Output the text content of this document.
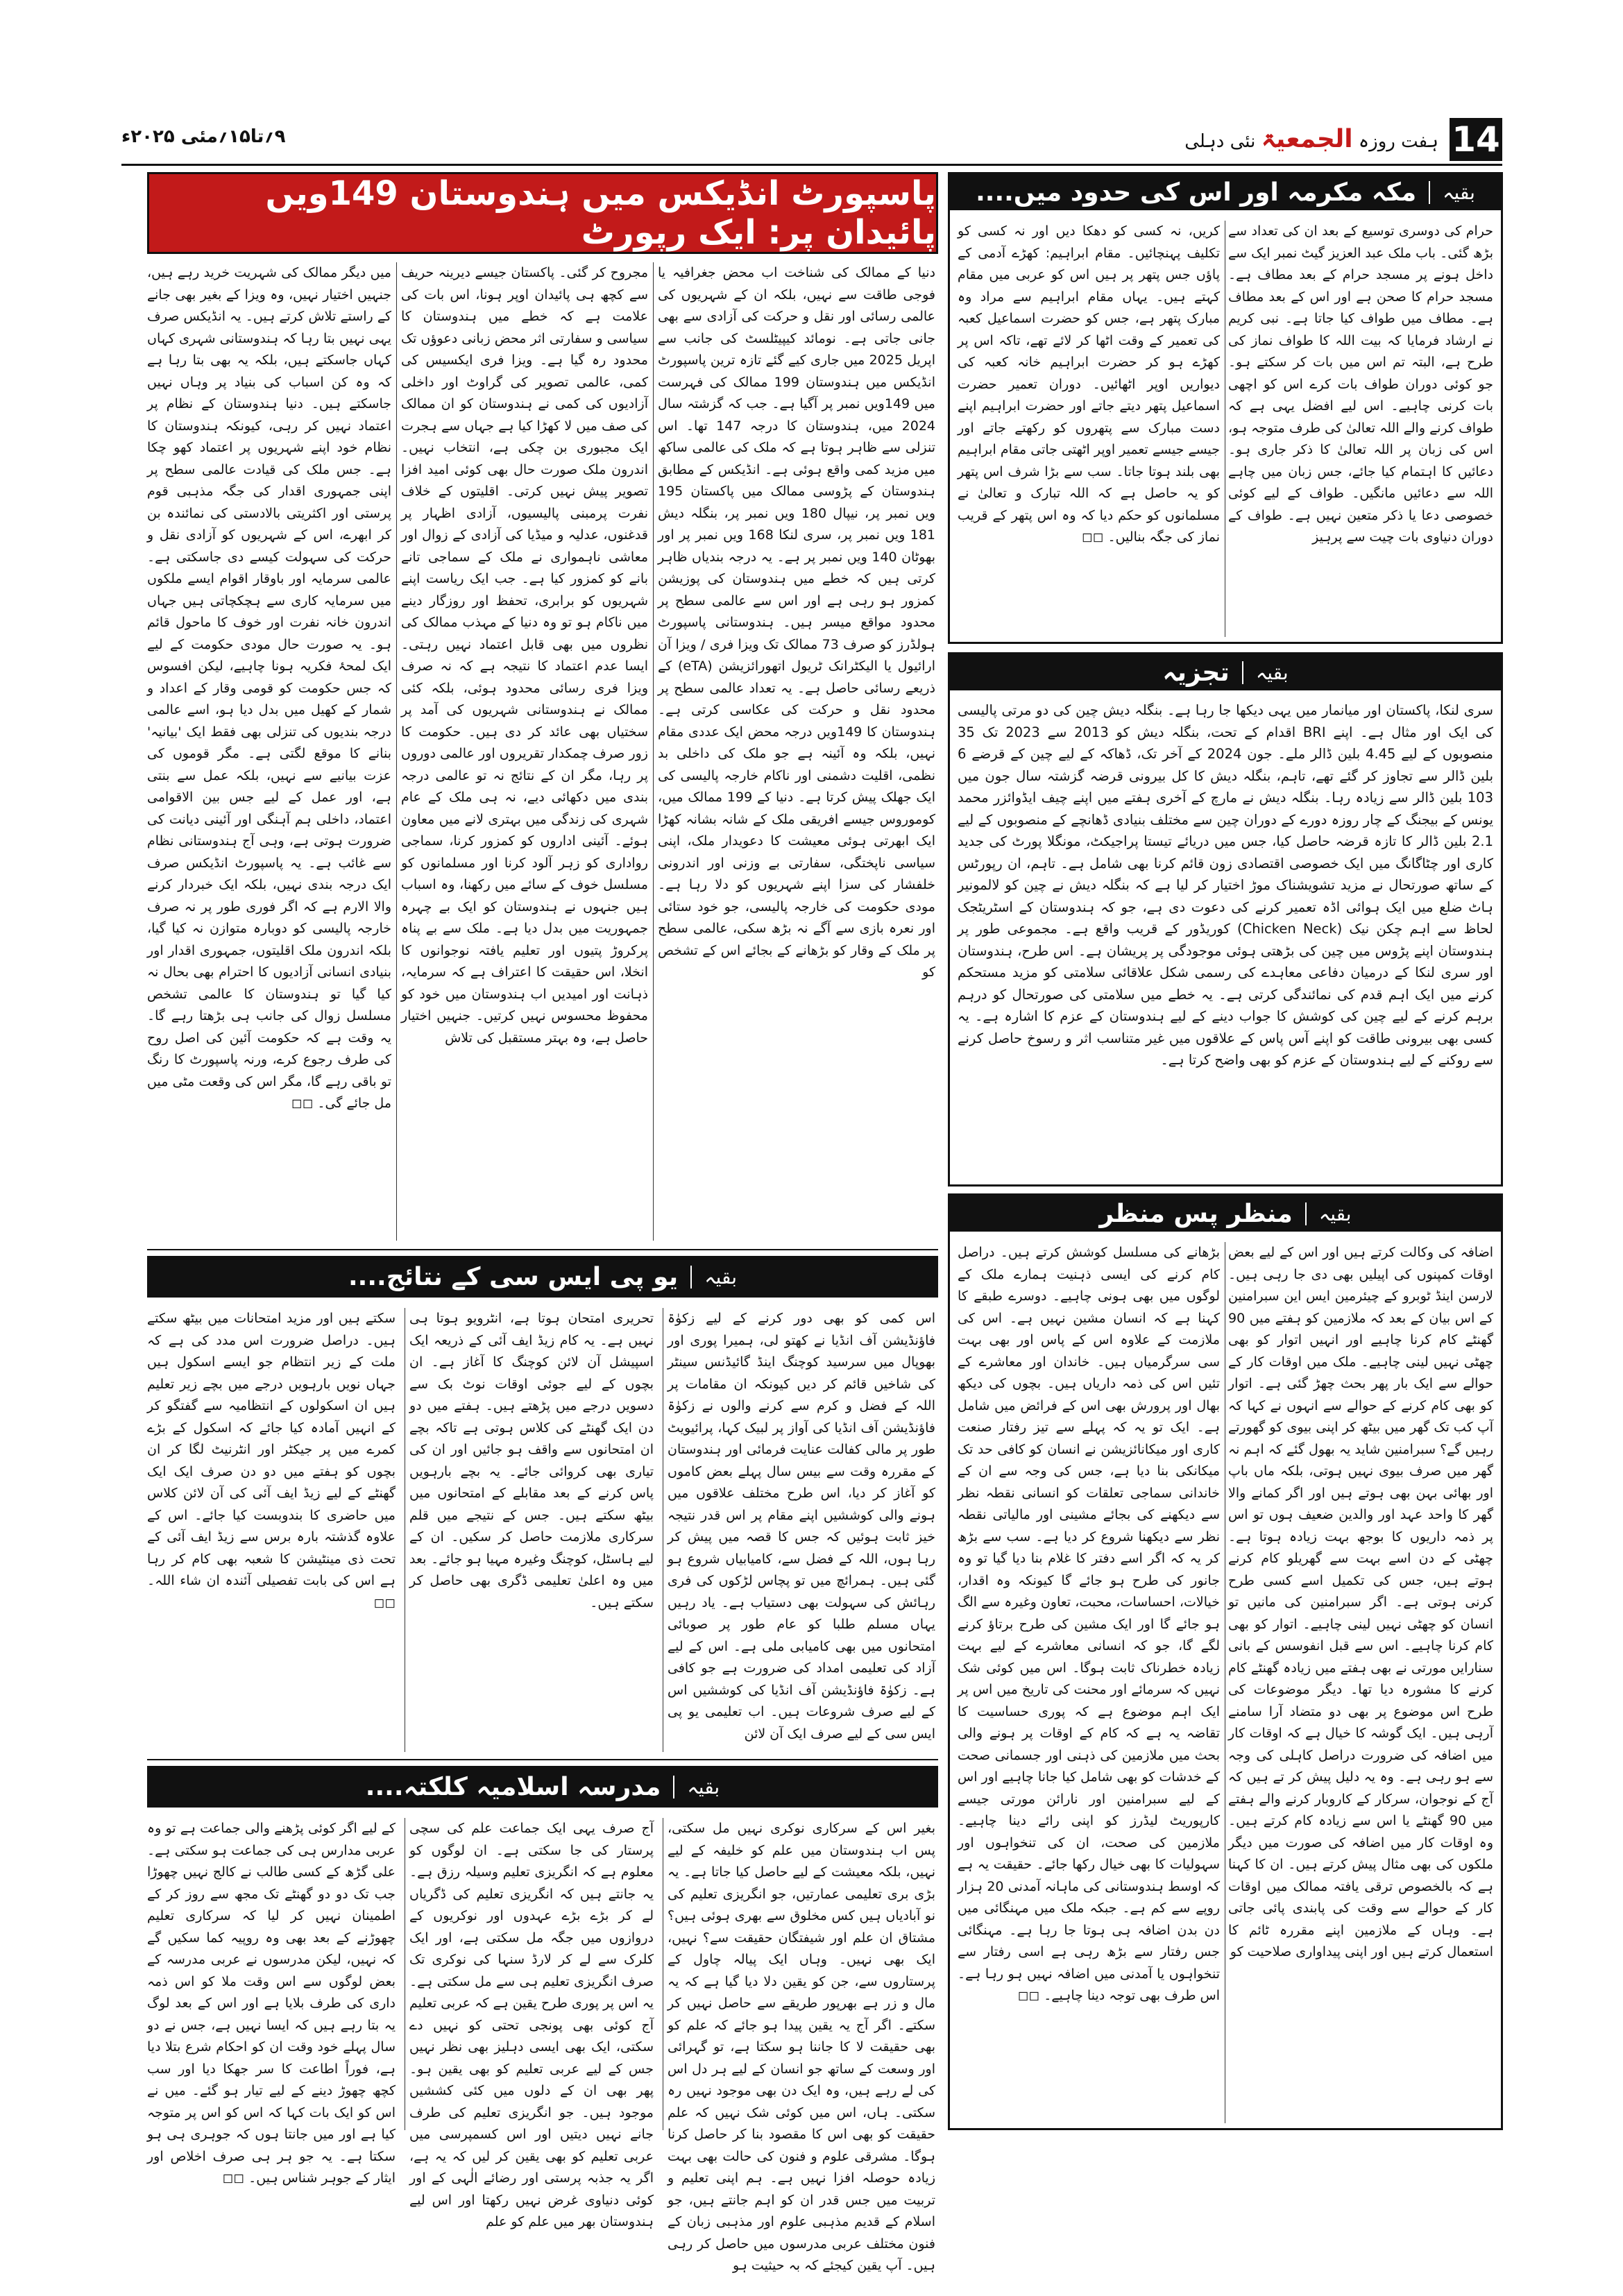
14
ہفت روزہ الجمعیۃ نئی دہلی
۹؍تا۱۵؍مئی ۲۰۲۵ء
بقیہ
مکہ مکرمہ اور اس کی حدود میں....
حرام کی دوسری توسیع کے بعد ان کی تعداد سے بڑھ گئی۔ باب ملک عبد العزیز گیٹ نمبر ایک سے داخل ہونے پر مسجد حرام کے بعد مطاف ہے۔ مسجد حرام کا صحن ہے اور اس کے بعد مطاف ہے۔ مطاف میں طواف کیا جاتا ہے۔ نبی کریم نے ارشاد فرمایا کہ بیت اللہ کا طواف نماز کی طرح ہے، البتہ تم اس میں بات کر سکتے ہو۔ جو کوئی دوران طواف بات کرے اس کو اچھی بات کرنی چاہیے۔ اس لیے افضل یہی ہے کہ طواف کرنے والے اللہ تعالیٰ کی طرف متوجہ ہو، اس کی زبان پر اللہ تعالیٰ کا ذکر جاری ہو۔ دعائیں کا اہتمام کیا جائے، جس زبان میں چاہے اللہ سے دعائیں مانگیں۔ طواف کے لیے کوئی خصوصی دعا یا ذکر متعین نہیں ہے۔ طواف کے دوران دنیاوی بات چیت سے پرہیز
کریں، نہ کسی کو دھکا دیں اور نہ کسی کو تکلیف پہنچائیں۔ مقام ابراہیم: کھڑے آدمی کے پاؤں جس پتھر پر ہیں اس کو عربی میں مقام کہتے ہیں۔ یہاں مقام ابراہیم سے مراد وہ مبارک پتھر ہے، جس کو حضرت اسماعیل کعبہ کی تعمیر کے وقت اٹھا کر لائے تھے، تاکہ اس پر کھڑے ہو کر حضرت ابراہیم خانہ کعبہ کی دیواریں اوپر اٹھائیں۔ دوران تعمیر حضرت اسماعیل پتھر دیتے جاتے اور حضرت ابراہیم اپنے دست مبارک سے پتھروں کو رکھتے جاتے اور جیسے جیسے تعمیر اوپر اٹھتی جاتی مقام ابراہیم بھی بلند ہوتا جاتا۔ سب سے بڑا شرف اس پتھر کو یہ حاصل ہے کہ اللہ تبارک و تعالیٰ نے مسلمانوں کو حکم دیا کہ وہ اس پتھر کے قریب نماز کی جگہ بنالیں۔ ◻◻
بقیہ
تجزیہ
سری لنکا، پاکستان اور میانمار میں یہی دیکھا جا رہا ہے۔ بنگلہ دیش چین کی دو مرتی پالیسی کی ایک اور مثال ہے۔ اپنے BRI اقدام کے تحت، بنگلہ دیش کو 2013 سے 2023 تک 35 منصوبوں کے لیے 4.45 بلین ڈالر ملے۔ جون 2024 کے آخر تک، ڈھاکہ کے لیے چین کے قرضے 6 بلین ڈالر سے تجاوز کر گئے تھے، تاہم، بنگلہ دیش کا کل بیرونی قرضہ گزشتہ سال جون میں 103 بلین ڈالر سے زیادہ رہا۔ بنگلہ دیش نے مارچ کے آخری ہفتے میں اپنے چیف ایڈوائزر محمد یونس کے بیجنگ کے چار روزہ دورے کے دوران چین سے مختلف بنیادی ڈھانچے کے منصوبوں کے لیے 2.1 بلین ڈالر کا تازہ قرضہ حاصل کیا، جس میں دریائے تیستا پراجیکٹ، مونگلا پورٹ کی جدید کاری اور چٹاگانگ میں ایک خصوصی اقتصادی زون قائم کرنا بھی شامل ہے۔ تاہم، ان رپورٹس کے ساتھ صورتحال نے مزید تشویشناک موڑ اختیار کر لیا ہے کہ بنگلہ دیش نے چین کو لالمونیر ہاٹ ضلع میں ایک ہوائی اڈہ تعمیر کرنے کی دعوت دی ہے، جو کہ ہندوستان کے اسٹریٹجک لحاظ سے اہم چکن نیک (Chicken Neck) کوریڈور کے قریب واقع ہے۔ مجموعی طور پر ہندوستان اپنے پڑوس میں چین کی بڑھتی ہوئی موجودگی پر پریشان ہے۔ اس طرح، ہندوستان اور سری لنکا کے درمیان دفاعی معاہدے کی رسمی شکل علاقائی سلامتی کو مزید مستحکم کرنے میں ایک اہم قدم کی نمائندگی کرتی ہے۔ یہ خطے میں سلامتی کی صورتحال کو درہم برہم کرنے کے لیے چین کی کوشش کا جواب دینے کے لیے ہندوستان کے عزم کا اشارہ ہے۔ یہ کسی بھی بیرونی طاقت کو اپنے آس پاس کے علاقوں میں غیر متناسب اثر و رسوخ حاصل کرنے سے روکنے کے لیے ہندوستان کے عزم کو بھی واضح کرتا ہے۔
بقیہ
منظر پس منظر
اضافہ کی وکالت کرتے ہیں اور اس کے لیے بعض اوقات کمپنوں کی اپیلیں بھی دی جا رہی ہیں۔ لارسن اینڈ ٹوبرو کے چیئرمین ایس این سبرامنین کے اس بیان کے بعد کہ ملازمین کو ہفتے میں 90 گھنٹے کام کرنا چاہیے اور انہیں اتوار کو بھی چھٹی نہیں لینی چاہیے۔ ملک میں اوقات کار کے حوالے سے ایک بار پھر بحث چھڑ گئی ہے۔ اتوار کو بھی کام کرنے کے حوالے سے انہوں نے کہا کہ آپ کب تک گھر میں بیٹھ کر اپنی بیوی کو گھورتے رہیں گے؟ سبرامنین شاید یہ بھول گئے کہ اہم نہ گھر میں صرف بیوی نہیں ہوتی، بلکہ ماں باپ اور بھائی بہن بھی ہوتے ہیں اور اگر کمانے والا گھر کا واحد عہد اور والدین ضعیف ہوں تو اس پر ذمہ داریوں کا بوجھ بہت زیادہ ہوتا ہے۔ چھٹی کے دن اسے بہت سے گھریلو کام کرنے ہوتے ہیں، جس کی تکمیل اسے کسی طرح کرنی ہوتی ہے۔ اگر سبرامنین کی مانیں تو انسان کو چھٹی نہیں لینی چاہیے۔ اتوار کو بھی کام کرنا چاہیے۔ اس سے قبل انفوسس کے بانی سنارایں مورتی نے بھی ہفتے میں زیادہ گھنٹے کام کرنے کا مشورہ دیا تھا۔ دیگر موضوعات کی طرح اس موضوع پر بھی دو متضاد آرا سامنے آرہی ہیں۔ ایک گوشہ کا خیال ہے کہ اوقات کار میں اضافہ کی ضرورت دراصل کاہلی کی وجہ سے ہو رہی ہے۔ وہ یہ دلیل پیش کر تے ہیں کہ آج کے نوجوان، سرکار کے کاروبار کرنے والے ہفتے میں 90 گھنٹے یا اس سے زیادہ کام کرتے ہیں۔ وہ اوقات کار میں اضافہ کی صورت میں دیگر ملکوں کی بھی مثال پیش کرتے ہیں۔ ان کا کہنا ہے کہ بالخصوص ترقی یافتہ ممالک میں اوقات کار کے حوالے سے وقت کی پابندی پائی جاتی ہے۔ وہاں کے ملازمین اپنے مقررہ ٹائم کا استعمال کرتے ہیں اور اپنی پیداواری صلاحیت کو
بڑھانے کی مسلسل کوشش کرتے ہیں۔ دراصل کام کرنے کی ایسی ذہنیت ہمارے ملک کے لوگوں میں بھی ہونی چاہیے۔ دوسرے طبقے کا کہنا ہے کہ انسان مشین نہیں ہے۔ اس کی ملازمت کے علاوہ اس کے پاس اور بھی بہت سی سرگرمیاں ہیں۔ خاندان اور معاشرے کے تئیں اس کی ذمہ داریاں ہیں۔ بچوں کی دیکھ بھال اور پرورش بھی اس کے فرائض میں شامل ہے۔ ایک تو یہ کہ پہلے سے تیز رفتار صنعت کاری اور میکانائزیشن نے انسان کو کافی حد تک میکانکی بنا دیا ہے، جس کی وجہ سے ان کے خاندانی سماجی تعلقات کو انسانی نقطہ نظر سے دیکھنے کی بجائے مشینی اور مالیاتی نقطہ نظر سے دیکھنا شروع کر دیا ہے۔ سب سے بڑھ کر یہ کہ اگر اسے دفتر کا غلام بنا دیا گیا تو وہ جانور کی طرح ہو جائے گا کیونکہ وہ اقدار، خیالات، احساسات، محبت، تعاون وغیرہ سے الگ ہو جائے گا اور ایک مشین کی طرح برتاؤ کرنے لگے گا، جو کہ انسانی معاشرے کے لیے بہت زیادہ خطرناک ثابت ہوگا۔ اس میں کوئی شک نہیں کہ سرمائے اور محنت کی تاریخ میں اس پر ایک اہم موضوع ہے کہ پوری حساسیت کا تقاضہ یہ ہے کہ کام کے اوقات پر ہونے والی بحث میں ملازمین کی ذہنی اور جسمانی صحت کے خدشات کو بھی شامل کیا جانا چاہیے اور اس کے لیے سبرامنین اور نارائن مورتی جیسے کارپوریٹ لیڈرز کو اپنی رائے دینا چاہیے۔ ملازمین کی صحت، ان کی تنخواہوں اور سہولیات کا بھی خیال رکھا جائے۔ حقیقت یہ ہے کہ اوسط ہندوستانی کی ماہانہ آمدنی 20 ہزار روپے سے کم ہے۔ جبکہ ملک میں مہنگائی میں دن بدن اضافہ ہی ہوتا جا رہا ہے۔ مہنگائی جس رفتار سے بڑھ رہی ہے اسی رفتار سے تنخواہوں یا آمدنی میں اضافہ نہیں ہو رہا ہے۔ اس طرف بھی توجہ دینا چاہیے۔ ◻◻
پاسپورٹ انڈیکس میں ہندوستان 149ویں پائیدان پر: ایک رپورٹ
دنیا کے ممالک کی شناخت اب محض جغرافیہ یا فوجی طاقت سے نہیں، بلکہ ان کے شہریوں کی عالمی رسائی اور نقل و حرکت کی آزادی سے بھی جانی جاتی ہے۔ نومائد کیپیٹلسٹ کی جانب سے اپریل 2025 میں جاری کیے گئے تازہ ترین پاسپورٹ انڈیکس میں ہندوستان 199 ممالک کی فہرست میں 149ویں نمبر پر آگیا ہے۔ جب کہ گزشتہ سال 2024 میں، ہندوستان کا درجہ 147 تھا۔ اس تنزلی سے ظاہر ہوتا ہے کہ ملک کی عالمی ساکھ میں مزید کمی واقع ہوئی ہے۔ انڈیکس کے مطابق ہندوستان کے پڑوسی ممالک میں پاکستان 195 ویں نمبر پر، نیپال 180 ویں نمبر پر، بنگلہ دیش 181 ویں نمبر پر، سری لنکا 168 ویں نمبر پر اور بھوٹان 140 ویں نمبر پر ہے۔ یہ درجہ بندیاں ظاہر کرتی ہیں کہ خطے میں ہندوستان کی پوزیشن کمزور ہو رہی ہے اور اس سے عالمی سطح پر محدود مواقع میسر ہیں۔ ہندوستانی پاسپورٹ ہولڈرز کو صرف 73 ممالک تک ویزا فری / ویزا آن ارائیول یا الیکٹرانک ٹریول اتھورائزیشن (eTA) کے ذریعے رسائی حاصل ہے۔ یہ تعداد عالمی سطح پر محدود نقل و حرکت کی عکاسی کرتی ہے۔ ہندوستان کا 149ویں درجہ محض ایک عددی مقام نہیں، بلکہ وہ آئینہ ہے جو ملک کی داخلی بد نظمی، اقلیت دشمنی اور ناکام خارجہ پالیسی کی ایک جھلک پیش کرتا ہے۔ دنیا کے 199 ممالک میں، کوموروس جیسے افریقی ملک کے شانہ بشانہ کھڑا ایک ابھرتی ہوئی معیشت کا دعویدار ملک، اپنی سیاسی ناپختگی، سفارتی بے وزنی اور اندرونی خلفشار کی سزا اپنے شہریوں کو دلا رہا ہے۔ مودی حکومت کی خارجہ پالیسی، جو خود ستائی اور نعرہ بازی سے آگے نہ بڑھ سکی، عالمی سطح پر ملک کے وقار کو بڑھانے کے بجائے اس کے تشخص کو
مجروح کر گئی۔ پاکستان جیسے دیرینہ حریف سے کچھ ہی پائیدان اوپر ہونا، اس بات کی علامت ہے کہ خطے میں ہندوستان کا سیاسی و سفارتی اثر محض زبانی دعوؤں تک محدود رہ گیا ہے۔ ویزا فری ایکسیس کی کمی، عالمی تصویر کی گراوٹ اور داخلی آزادیوں کی کمی نے ہندوستان کو ان ممالک کی صف میں لا کھڑا کیا ہے جہاں سے ہجرت ایک مجبوری بن چکی ہے، انتخاب نہیں۔ اندرون ملک صورت حال بھی کوئی امید افزا تصویر پیش نہیں کرتی۔ اقلیتوں کے خلاف نفرت پرمبنی پالیسیوں، آزادی اظہار پر قدغنوں، عدلیہ و میڈیا کی آزادی کے زوال اور معاشی ناہمواری نے ملک کے سماجی تانے بانے کو کمزور کیا ہے۔ جب ایک ریاست اپنے شہریوں کو برابری، تحفظ اور روزگار دینے میں ناکام ہو تو وہ دنیا کے مہذب ممالک کی نظروں میں بھی قابل اعتماد نہیں رہتی۔ ایسا عدم اعتماد کا نتیجہ ہے کہ نہ صرف ویزا فری رسائی محدود ہوئی، بلکہ کئی ممالک نے ہندوستانی شہریوں کی آمد پر سختیاں بھی عائد کر دی ہیں۔ حکومت کا زور صرف چمکدار تقریروں اور عالمی دوروں پر رہا، مگر ان کے نتائج نہ تو عالمی درجہ بندی میں دکھائی دیے، نہ ہی ملک کے عام شہری کی زندگی میں بہتری لانے میں معاون ہوئے۔ آئینی اداروں کو کمزور کرنا، سماجی رواداری کو زہر آلود کرنا اور مسلمانوں کو مسلسل خوف کے سائے میں رکھنا، وہ اسباب ہیں جنہوں نے ہندوستان کو ایک بے چہرہ جمہوریت میں بدل دیا ہے۔ ملک سے بے پناہ پرکروڑ پتیوں اور تعلیم یافتہ نوجوانوں کا انخلا، اس حقیقت کا اعتراف ہے کہ سرمایہ، ذہانت اور امیدیں اب ہندوستان میں خود کو محفوظ محسوس نہیں کرتیں۔ جنہیں اختیار حاصل ہے، وہ بہتر مستقبل کی تلاش
میں دیگر ممالک کی شہریت خرید رہے ہیں، جنہیں اختیار نہیں، وہ ویزا کے بغیر بھی جانے کے راستے تلاش کرتے ہیں۔ یہ انڈیکس صرف یہی نہیں بتا رہا کہ ہندوستانی شہری کہاں کہاں جاسکتے ہیں، بلکہ یہ بھی بتا رہا ہے کہ وہ کن اسباب کی بنیاد پر وہاں نہیں جاسکتے ہیں۔ دنیا ہندوستان کے نظام پر اعتماد نہیں کر رہی، کیونکہ ہندوستان کا نظام خود اپنے شہریوں پر اعتماد کھو چکا ہے۔ جس ملک کی قیادت عالمی سطح پر اپنی جمہوری اقدار کی جگہ مذہبی قوم پرستی اور اکثریتی بالادستی کی نمائندہ بن کر ابھرے، اس کے شہریوں کو آزادی نقل و حرکت کی سہولت کیسے دی جاسکتی ہے۔ عالمی سرمایہ اور باوقار اقوام ایسے ملکوں میں سرمایہ کاری سے ہچکچاتی ہیں جہاں اندرون خانہ نفرت اور خوف کا ماحول قائم ہو۔ یہ صورت حال مودی حکومت کے لیے ایک لمحۂ فکریہ ہونا چاہیے، لیکن افسوس کہ جس حکومت کو قومی وقار کے اعداد و شمار کے کھیل میں بدل دیا ہو، اسے عالمی درجہ بندیوں کی تنزلی بھی فقط ایک 'بیانیہ' بنانے کا موقع لگتی ہے۔ مگر قوموں کی عزت بیانیے سے نہیں، بلکہ عمل سے بنتی ہے، اور عمل کے لیے جس بین الاقوامی اعتماد، داخلی ہم آہنگی اور آئینی دیانت کی ضرورت ہوتی ہے، وہی آج ہندوستانی نظام سے غائب ہے۔ یہ پاسپورٹ انڈیکس صرف ایک درجہ بندی نہیں، بلکہ ایک خبردار کرنے والا الارم ہے کہ اگر فوری طور پر نہ صرف خارجہ پالیسی کو دوبارہ متوازن نہ کیا گیا، بلکہ اندرون ملک اقلیتوں، جمہوری اقدار اور بنیادی انسانی آزادیوں کا احترام بھی بحال نہ کیا گیا تو ہندوستان کا عالمی تشخص مسلسل زوال کی جانب ہی بڑھتا رہے گا۔ یہ وقت ہے کہ حکومت آئین کی اصل روح کی طرف رجوع کرے، ورنہ پاسپورٹ کا رنگ تو باقی رہے گا، مگر اس کی وقعت مٹی میں مل جائے گی۔ ◻◻
بقیہ
یو پی ایس سی کے نتائج....
اس کمی کو بھی دور کرنے کے لیے زکوٰۃ فاؤنڈیشن آف انڈیا نے کھتو لی، ہمیرا پوری اور بھوپال میں سرسید کوچنگ اینڈ گائیڈنس سینٹر کی شاخیں قائم کر دیں کیونکہ ان مقامات پر اللہ کے فضل و کرم سے کرنے والوں نے زکوٰۃ فاؤنڈیشن آف انڈیا کی آواز پر لبیک کہا، پرائیویٹ طور پر مالی کفالت عنایت فرمائی اور ہندوستان کے مقررہ وقت سے بیس سال پہلے بعض کاموں کو آغاز کر دیا، اس طرح مختلف علاقوں میں ہونے والی کوششیں اپنے مقام پر اس قدر نتیجہ خیز ثابت ہوئیں کہ جس کا قصہ میں پیش کر رہا ہوں، اللہ کے فضل سے، کامیابیاں شروع ہو گئی ہیں۔ ہمرائچ میں تو پچاس لڑکوں کی فری رہائش کی سہولت بھی دستیاب ہے۔ یاد رہیں یہاں مسلم طلبا کو عام طور پر صوبائی امتحانوں میں بھی کامیابی ملی ہے۔ اس کے لیے آزاد کی تعلیمی امداد کی ضرورت ہے جو کافی ہے۔ زکوٰۃ فاؤنڈیشن آف انڈیا کی کوششیں اس کے لیے صرف شروعات ہیں۔ اب تعلیمی یو پی ایس سی کے لیے صرف ایک آن لائن
تحریری امتحان ہوتا ہے، انٹرویو ہوتا ہی نہیں ہے۔ یہ کام زیڈ ایف آئی کے ذریعہ ایک اسپیشل آن لائن کوچنگ کا آغاز ہے۔ ان بچوں کے لیے جوئی اوقات نوٹ بک سے دسویں درجے میں پڑھتے ہیں۔ ہفتے میں دو دن ایک گھنٹے کی کلاس ہوتی ہے تاکہ بچے ان امتحانوں سے واقف ہو جائیں اور ان کی تیاری بھی کروائی جائے۔ یہ بچے بارہویں پاس کرنے کے بعد مقابلے کے امتحانوں میں بیٹھ سکتے ہیں۔ جس کے نتیجے میں قلم سرکاری ملازمت حاصل کر سکیں۔ ان کے لیے ہاسٹل، کوچنگ وغیرہ مہیا ہو جائے۔ بعد میں وہ اعلیٰ تعلیمی ڈگری بھی حاصل کر سکتے ہیں۔
سکتے ہیں اور مزید امتحانات میں بیٹھ سکتے ہیں۔ دراصل ضرورت اس مدد کی ہے کہ ملت کے زیر انتظام جو ایسے اسکول ہیں جہاں نویں بارہویں درجے میں بچے زیر تعلیم ہیں ان اسکولوں کے انتظامیہ سے گفتگو کر کے انہیں آمادہ کیا جائے کہ اسکول کے بڑے کمرے میں پر جیکٹر اور انٹرنیٹ لگا کر ان بچوں کو ہفتے میں دو دن صرف ایک ایک گھنٹے کے لیے زیڈ ایف آئی کی آن لائن کلاس میں حاضری کا بندوبست کیا جائے۔ اس کے علاوہ گذشتہ بارہ برس سے زیڈ ایف آئی کے تحت ذی مینٹیشن کا شعبہ بھی کام کر رہا ہے اس کی بابت تفصیلی آئندہ ان شاء اللہ۔ ◻◻
بقیہ
مدرسہ اسلامیہ کلکتہ....
بغیر اس کے سرکاری نوکری نہیں مل سکتی، پس اب ہندوستان میں علم کو خلیفہ کے لیے نہیں، بلکہ معیشت کے لیے حاصل کیا جاتا ہے۔ یہ بڑی بری تعلیمی عمارتیں، جو انگریزی تعلیم کی نو آبادیاں ہیں کس مخلوق سے بھری ہوئی ہیں؟ مشتاق ان علم اور شیفتگان حقیقت سے؟ نہیں، ایک بھی نہیں۔ وہاں ایک پیالہ چاول کے پرستاروں سے، جن کو یقین دلا دیا گیا ہے کہ یہ مال و زر ہے بھرپور طریقے سے حاصل نہیں کر سکتے۔ اگر آج یہ یقین پیدا ہو جائے کہ علم کو بھی حقیقت لا کا جاننا ہو سکتا ہے، تو گہرائی اور وسعت کے ساتھ جو انسان کے لیے ہر دل اس کی لے رہے ہیں، وہ ایک دن بھی موجود نہیں رہ سکتی۔ ہاں، اس میں کوئی شک نہیں کہ علم حقیقت کو بھی اس کا مقصود بنا کر حاصل کرنا ہوگا۔ مشرقی علوم و فنون کی حالت بھی بہت زیادہ حوصلہ افزا نہیں ہے۔ ہم اپنی تعلیم و تربیت میں جس قدر ان کو اہم جانتے ہیں، جو اسلام کے قدیم مذہبی علوم اور مذہبی زبان کے فنون مختلف عربی مدرسوں میں حاصل کر رہی ہیں۔ آپ یقین کیجئے کہ بہ حیثیت ہو
آج صرف یہی ایک جماعت علم کی سچی پرستار کی جا سکتی ہے۔ ان لوگوں کو معلوم ہے کہ انگریزی تعلیم وسیلہ رزق ہے۔ یہ جانتے ہیں کہ انگریزی تعلیم کی ڈگریاں لے کر بڑے بڑے عہدوں اور نوکریوں کے دروازوں میں جگہ مل سکتی ہے، اور ایک کلرک سے لے کر لارڈ سنہا کی نوکری تک صرف انگریزی تعلیم ہی سے مل سکتی ہے۔ یہ اس پر پوری طرح یقین ہے کہ عربی تعلیم آج کوئی بھی پونجی تحتی کو نہیں دے سکتی، ایک بھی ایسی دہلیز بھی نظر نہیں جس کے لیے عربی تعلیم کو بھی یقین ہو۔ پھر بھی ان کے دلوں میں کئی کششیں موجود ہیں۔ جو انگریزی تعلیم کی طرف جانے نہیں دیتیں اور اس کسمپرسی میں عربی تعلیم کو بھی یقین کر لیں کہ یہ ہے، اگر یہ جذبہ پرستی اور رضائے الٰہی کے اور کوئی دنیاوی غرض نہیں رکھتا اور اس لیے ہندوستان بھر میں علم کو علم
کے لیے اگر کوئی پڑھنے والی جماعت ہے تو وہ عربی مدارس ہی کی جماعت ہو سکتی ہے۔ علی گڑھ کے کسی طالب نے کالج نہیں چھوڑا جب تک دو دو گھنٹے تک مجھ سے روز کر کے اطمینان نہیں کر لیا کہ سرکاری تعلیم چھوڑنے کے بعد بھی وہ روپیہ کما سکیں گے کہ نہیں، لیکن مدرسوں نے عربی مدرسہ کے بعض لوگوں سے اس وقت ملا کو اس ذمہ داری کی طرف بلایا ہے اور اس کے بعد لوگ یہ بتا رہے ہیں کہ ایسا نہیں ہے، جس نے دو سال پہلے خود وقت ان کو احکام شرع بتلا دیا ہے، فوراً اطاعت کا سر جھکا دیا اور سب کچھ چھوڑ دینے کے لیے تیار ہو گئے۔ میں نے اس کو ایک بات کہا کہ اس کو اس پر متوجہ کیا ہے اور میں جانتا ہوں کہ جوہری ہی ہو سکتا ہے۔ یہ جو ہر ہی صرف اخلاص اور ایثار کے جوہر شناس ہیں۔ ◻◻
